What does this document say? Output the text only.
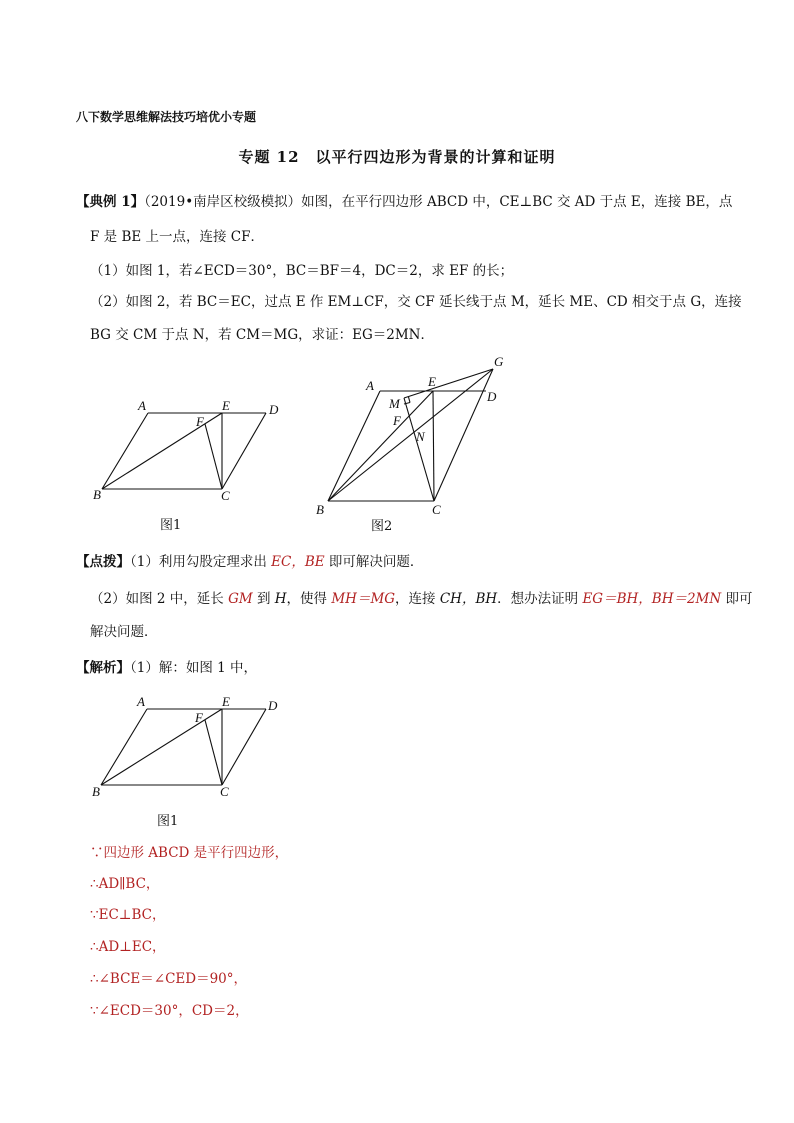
八下数学思维解法技巧培优小专题
专题 12　以平行四边形为背景的计算和证明
【典例 1】（2019•南岸区校级模拟）如图，在平行四边形 ABCD 中，CE⊥BC 交 AD 于点 E，连接 BE，点
F 是 BE 上一点，连接 CF．
（1）如图 1，若∠ECD＝30°，BC＝BF＝4，DC＝2，求 EF 的长；
（2）如图 2，若 BC＝EC，过点 E 作 EM⊥CF，交 CF 延长线于点 M，延长 ME、CD 相交于点 G，连接
BG 交 CM 于点 N，若 CM＝MG，求证：EG＝2MN．
A	E	D
F
B	C
图1
A	E
G
D
M
F
N
B	C
图2
【点拨】（1）利用勾股定理求出 EC，BE 即可解决问题．
（2）如图 2 中，延长 GM 到 H，使得 MH＝MG，连接 CH，BH．想办法证明 EG＝BH，BH＝2MN 即可
解决问题．
【解析】（1）解：如图 1 中，
A	E	D
F
B	C
图1
∵四边形 ABCD 是平行四边形，
∴AD∥BC，
∵EC⊥BC，
∴AD⊥EC，
∴∠BCE＝∠CED＝90°，
∵∠ECD＝30°，CD＝2，
